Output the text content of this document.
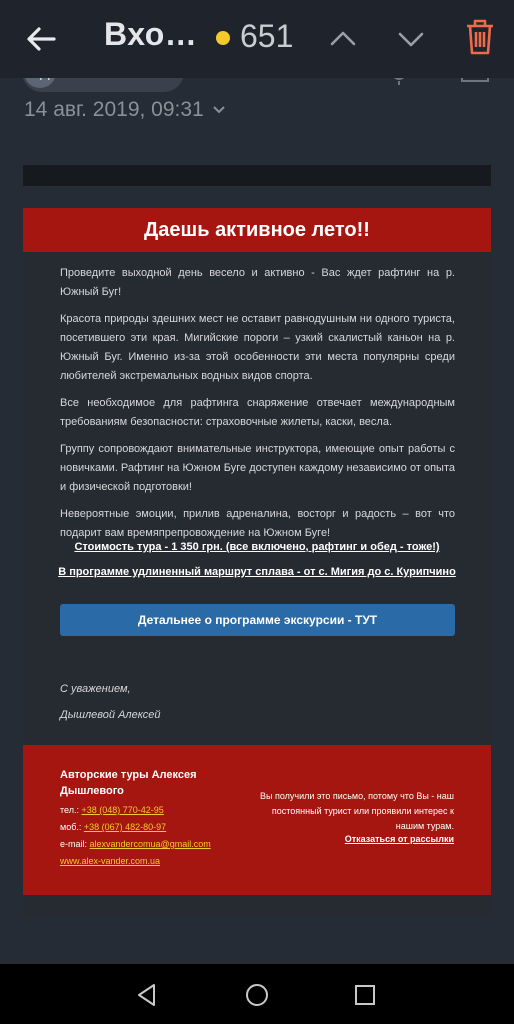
Вхо… 651
14 авг. 2019, 09:31
Даешь активное лето!!

Проведите выходной день весело и активно - Вас ждет рафтинг на р. Южный Буг!

Красота природы здешних мест не оставит равнодушным ни одного туриста, посетившего эти края. Мигийские пороги – узкий скалистый каньон на р. Южный Буг. Именно из-за этой особенности эти места популярны среди любителей экстремальных водных видов спорта.

Все необходимое для рафтинга снаряжение отвечает международным требованиям безопасности: страховочные жилеты, каски, весла.

Группу сопровождают внимательные инструктора, имеющие опыт работы с новичками. Рафтинг на Южном Буге доступен каждому независимо от опыта и физической подготовки!

Невероятные эмоции, прилив адреналина, восторг и радость – вот что подарит вам времяпрепровождение на Южном Буге!

Стоимость тура - 1 350 грн. (все включено, рафтинг и обед - тоже!)
В программе удлиненный маршрут сплава - от с. Мигия до с. Курипчино
Детальнее о программе экскурсии - ТУТ
С уважением,
Дышлевой Алексей
Авторские туры Алексея Дышлевого
тел.: +38 (048) 770-42-95
моб.: +38 (067) 482-80-97
e-mail: alexvandercomua@gmail.com
www.alex-vander.com.ua
Вы получили это письмо, потому что Вы - наш постоянный турист или проявили интерес к нашим турам.
Отказаться от рассылки
